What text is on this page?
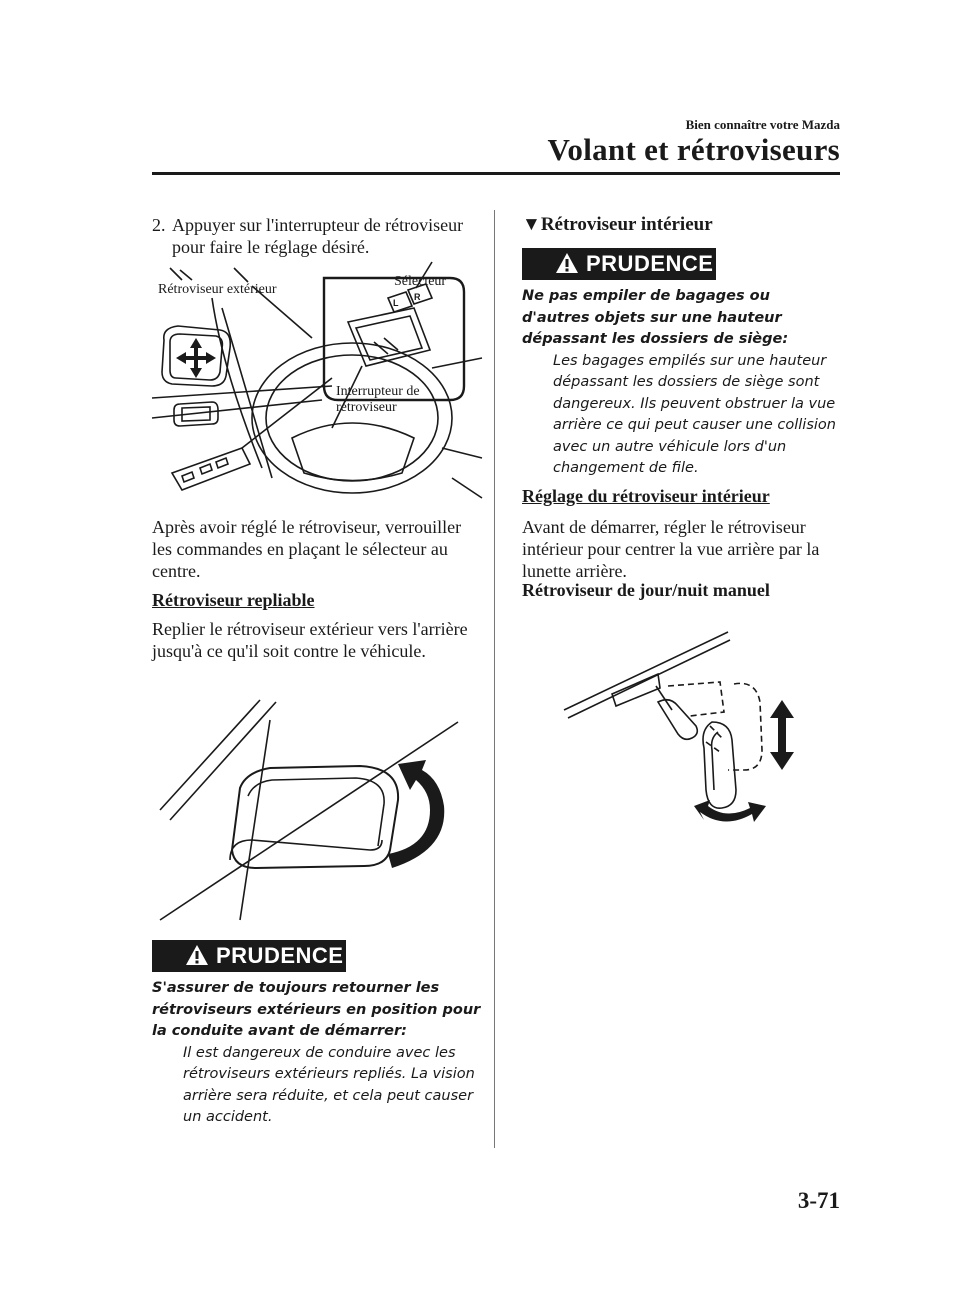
Bien connaître votre Mazda
Volant et rétroviseurs
2. Appuyer sur l'interrupteur de rétroviseur pour faire le réglage désiré.
L
R
Rétroviseur extérieur
Sélecteur
Interrupteur de
rétroviseur
Après avoir réglé le rétroviseur, verrouiller les commandes en plaçant le sélecteur au centre.
Rétroviseur repliable
Replier le rétroviseur extérieur vers l'arrière jusqu'à ce qu'il soit contre le véhicule.
PRUDENCE
S'assurer de toujours retourner les rétroviseurs extérieurs en position pour la conduite avant de démarrer:
Il est dangereux de conduire avec les rétroviseurs extérieurs repliés. La vision arrière sera réduite, et cela peut causer un accident.
▼Rétroviseur intérieur
PRUDENCE
Ne pas empiler de bagages ou d'autres objets sur une hauteur dépassant les dossiers de siège:
Les bagages empilés sur une hauteur dépassant les dossiers de siège sont dangereux. Ils peuvent obstruer la vue arrière ce qui peut causer une collision avec un autre véhicule lors d'un changement de file.
Réglage du rétroviseur intérieur
Avant de démarrer, régler le rétroviseur intérieur pour centrer la vue arrière par la lunette arrière.
Rétroviseur de jour/nuit manuel
3-71
